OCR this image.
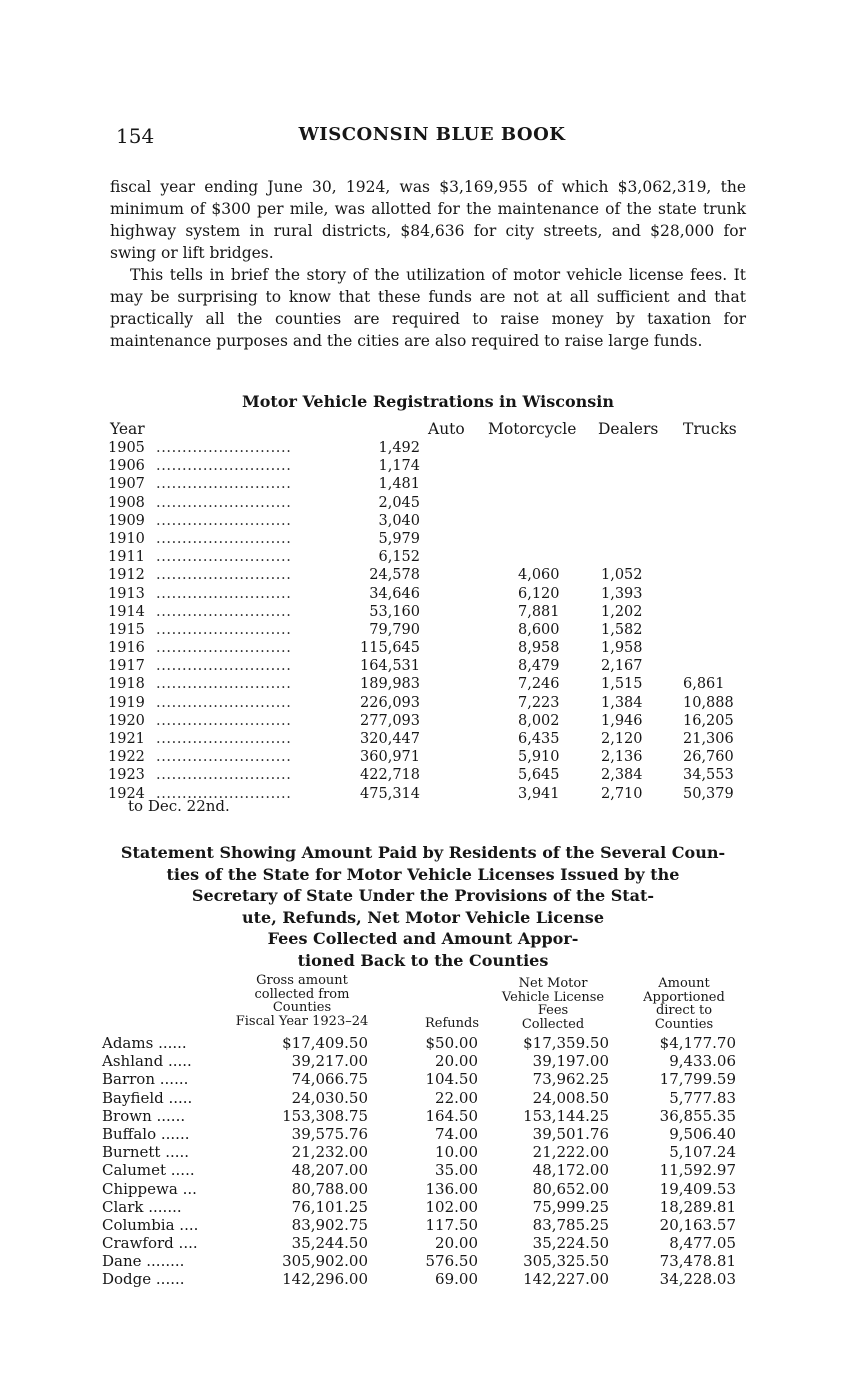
154	WISCONSIN BLUE BOOK

fiscal year ending June 30, 1924, was $3,169,955 of which $3,062,319, the minimum of $300 per mile, was allotted for the maintenance of the state trunk highway system in rural districts, $84,636 for city streets, and $28,000 for swing or lift bridges.

This tells in brief the story of the utilization of motor vehicle license fees. It may be surprising to know that these funds are not at all sufficient and that practically all the counties are required to raise money by taxation for maintenance purposes and the cities are also required to raise large funds.

Motor Vehicle Registrations in Wisconsin
Year	Auto Motorcycle Dealers Trucks
1905 ..........................	1,492
1906 ..........................	1,174
1907 ..........................	1,481
1908 ..........................	2,045
1909 ..........................	3,040
1910 ..........................	5,979
1911 ..........................	6,152
1912 ..........................	24,578	4,060	1,052
1913 ..........................	34,646	6,120	1,393
1914 ..........................	53,160	7,881	1,202
1915 ..........................	79,790	8,600	1,582
1916 ..........................	115,645	8,958	1,958
1917 ..........................	164,531	8,479	2,167
1918 ..........................	189,983	7,246	1,515	6,861
1919 ..........................	226,093	7,223	1,384	10,888
1920 ..........................	277,093	8,002	1,946	16,205
1921 ..........................	320,447	6,435	2,120	21,306
1922 ..........................	360,971	5,910	2,136	26,760
1923 ..........................	422,718	5,645	2,384	34,553
1924 ..........................	475,314	3,941	2,710	50,379
to Dec. 22nd.
Statement Showing Amount Paid by Residents of the Several Coun-
ties of the State for Motor Vehicle Licenses Issued by the
Secretary of State Under the Provisions of the Stat-
ute, Refunds, Net Motor Vehicle License
Fees Collected and Amount Appor-
tioned Back to the Counties
Gross amount
collected from
Counties
Fiscal Year 1923–24	Refunds
Net Motor
Vehicle License
Fees
Collected
Amount
Apportioned
direct to
Counties
Adams ......	$17,409.50	$50.00	$17,359.50	$4,177.70
Ashland .....	39,217.00	20.00	39,197.00	9,433.06
Barron ......	74,066.75	104.50	73,962.25	17,799.59
Bayfield .....	24,030.50	22.00	24,008.50	5,777.83
Brown ......	153,308.75	164.50	153,144.25	36,855.35
Buffalo ......	39,575.76	74.00	39,501.76	9,506.40
Burnett .....	21,232.00	10.00	21,222.00	5,107.24
Calumet .....	48,207.00	35.00	48,172.00	11,592.97
Chippewa ...	80,788.00	136.00	80,652.00	19,409.53
Clark .......	76,101.25	102.00	75,999.25	18,289.81
Columbia ....	83,902.75	117.50	83,785.25	20,163.57
Crawford ....	35,244.50	20.00	35,224.50	8,477.05
Dane ........	305,902.00	576.50	305,325.50	73,478.81
Dodge ......	142,296.00	69.00	142,227.00	34,228.03
